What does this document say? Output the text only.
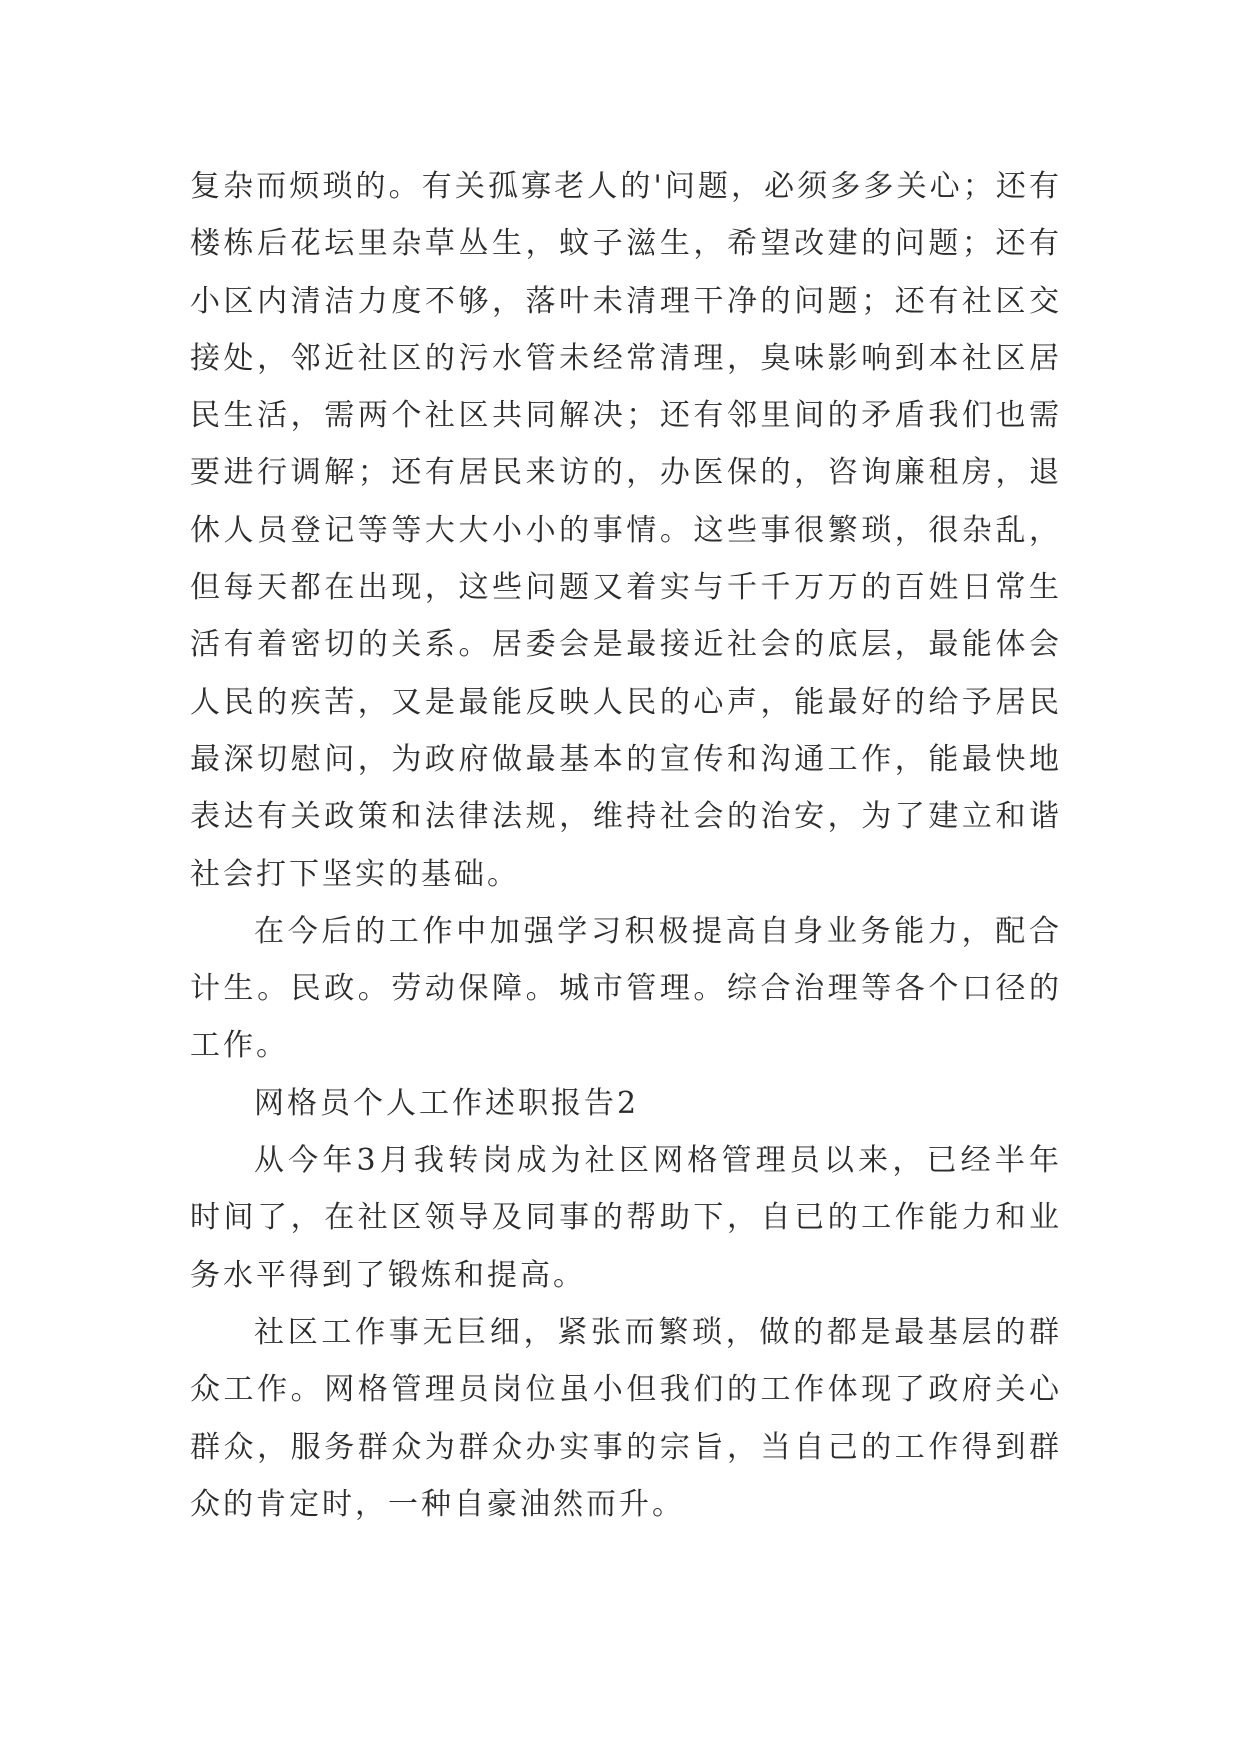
复杂而烦琐的。有关孤寡老人的'问题，必须多多关心；还有楼栋后花坛里杂草丛生，蚊子滋生，希望改建的问题；还有小区内清洁力度不够，落叶未清理干净的问题；还有社区交接处，邻近社区的污水管未经常清理，臭味影响到本社区居民生活，需两个社区共同解决；还有邻里间的矛盾我们也需要进行调解；还有居民来访的，办医保的，咨询廉租房，退休人员登记等等大大小小的事情。这些事很繁琐，很杂乱，但每天都在出现，这些问题又着实与千千万万的百姓日常生活有着密切的关系。居委会是最接近社会的底层，最能体会人民的疾苦，又是最能反映人民的心声，能最好的给予居民最深切慰问，为政府做最基本的宣传和沟通工作，能最快地表达有关政策和法律法规，维持社会的治安，为了建立和谐社会打下坚实的基础。

在今后的工作中加强学习积极提高自身业务能力，配合计生。民政。劳动保障。城市管理。综合治理等各个口径的工作。

网格员个人工作述职报告2

从今年3月我转岗成为社区网格管理员以来，已经半年时间了，在社区领导及同事的帮助下，自已的工作能力和业务水平得到了锻炼和提高。

社区工作事无巨细，紧张而繁琐，做的都是最基层的群众工作。网格管理员岗位虽小但我们的工作体现了政府关心群众，服务群众为群众办实事的宗旨，当自己的工作得到群众的肯定时，一种自豪油然而升。
